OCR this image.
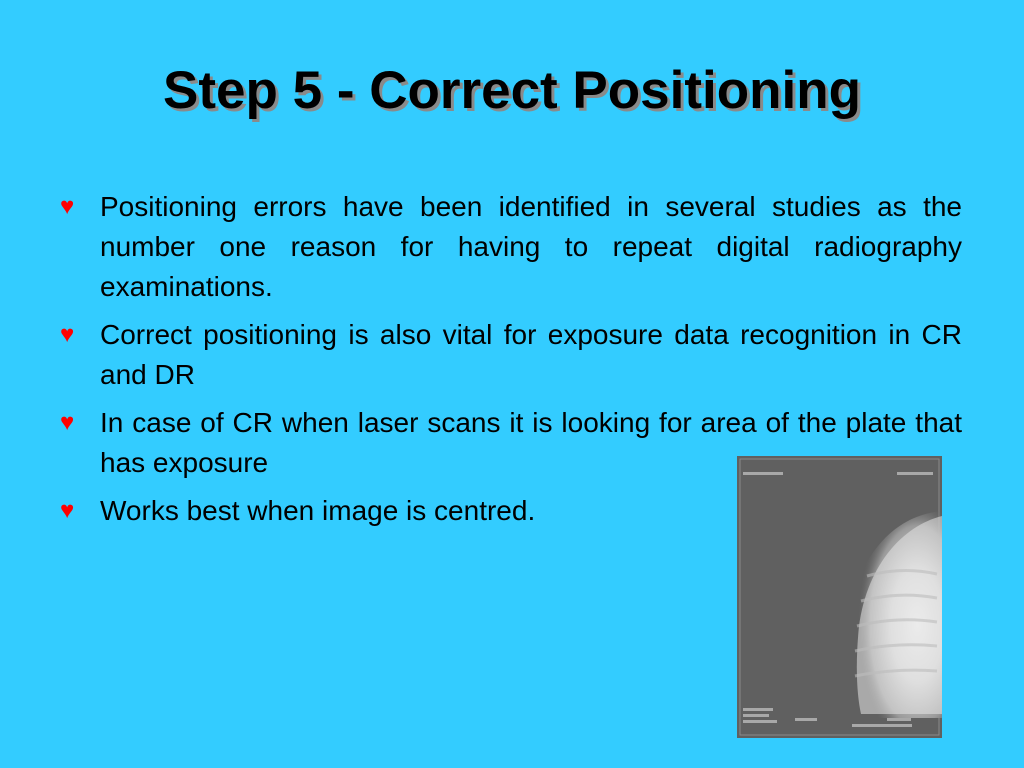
Step 5 - Correct Positioning
♥ Positioning errors have been identified in several studies as the number one reason for having to repeat digital radiography examinations.
♥ Correct positioning is also vital for exposure data recognition in CR and DR
♥ In case of CR when laser scans it is looking for area of the plate that has exposure
♥ Works best when image is centred.
